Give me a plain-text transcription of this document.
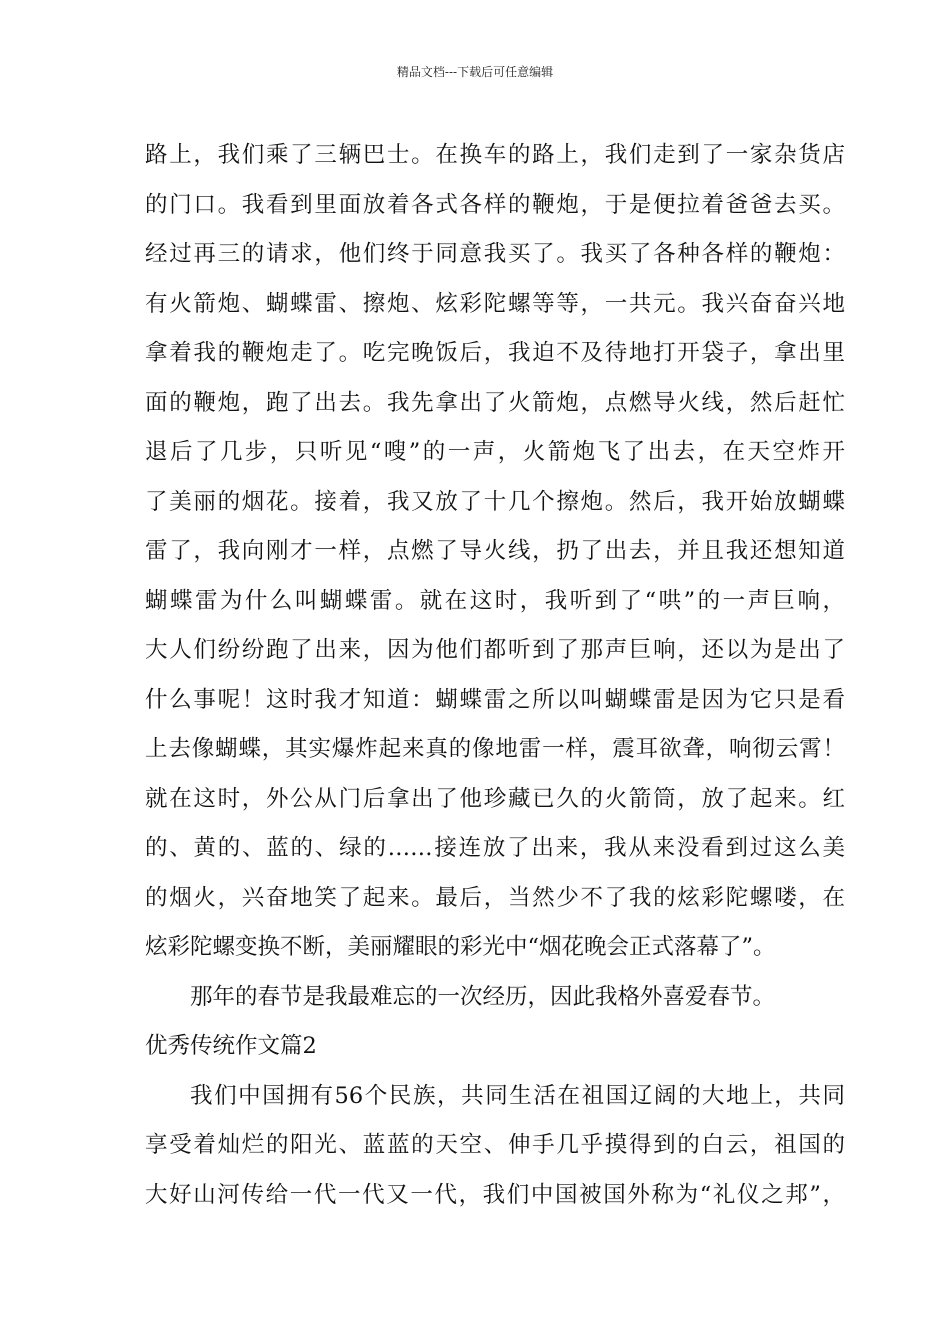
精品文档---下载后可任意编辑
路上，我们乘了三辆巴士。在换车的路上，我们走到了一家杂货店
的门口。我看到里面放着各式各样的鞭炮，于是便拉着爸爸去买。
经过再三的请求，他们终于同意我买了。我买了各种各样的鞭炮：
有火箭炮、蝴蝶雷、擦炮、炫彩陀螺等等，一共元。我兴奋奋兴地
拿着我的鞭炮走了。吃完晚饭后，我迫不及待地打开袋子，拿出里
面的鞭炮，跑了出去。我先拿出了火箭炮，点燃导火线，然后赶忙
退后了几步，只听见“嗖”的一声，火箭炮飞了出去，在天空炸开
了美丽的烟花。接着，我又放了十几个擦炮。然后，我开始放蝴蝶
雷了，我向刚才一样，点燃了导火线，扔了出去，并且我还想知道
蝴蝶雷为什么叫蝴蝶雷。就在这时，我听到了“哄”的一声巨响，
大人们纷纷跑了出来，因为他们都听到了那声巨响，还以为是出了
什么事呢！这时我才知道：蝴蝶雷之所以叫蝴蝶雷是因为它只是看
上去像蝴蝶，其实爆炸起来真的像地雷一样，震耳欲聋，响彻云霄！
就在这时，外公从门后拿出了他珍藏已久的火箭筒，放了起来。红
的、黄的、蓝的、绿的……接连放了出来，我从来没看到过这么美
的烟火，兴奋地笑了起来。最后，当然少不了我的炫彩陀螺喽，在
炫彩陀螺变换不断，美丽耀眼的彩光中“烟花晚会正式落幕了”。
那年的春节是我最难忘的一次经历，因此我格外喜爱春节。
优秀传统作文篇2
我们中国拥有56个民族，共同生活在祖国辽阔的大地上，共同
享受着灿烂的阳光、蓝蓝的天空、伸手几乎摸得到的白云，祖国的
大好山河传给一代一代又一代，我们中国被国外称为“礼仪之邦”，
